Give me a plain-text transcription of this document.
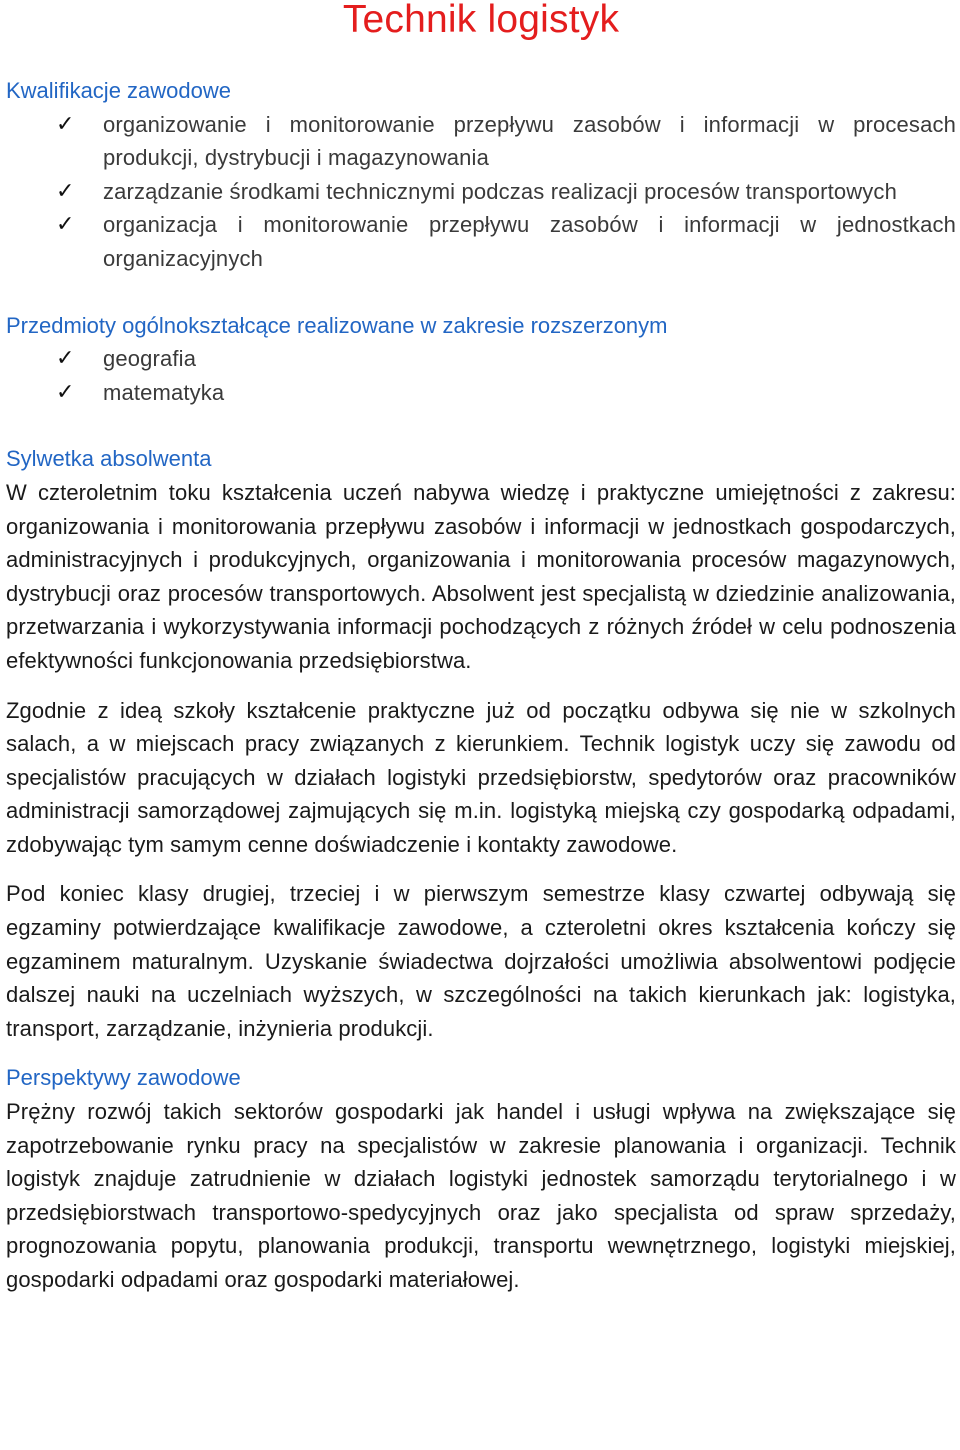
Technik logistyk
Kwalifikacje zawodowe
✓	organizowanie i monitorowanie przepływu zasobów i informacji w procesach produkcji, dystrybucji i magazynowania
✓	zarządzanie środkami technicznymi podczas realizacji procesów transportowych
✓	organizacja i monitorowanie przepływu zasobów i informacji w jednostkach organizacyjnych
Przedmioty ogólnokształcące realizowane w zakresie rozszerzonym
✓	geografia
✓	matematyka
Sylwetka absolwenta

W czteroletnim toku kształcenia uczeń nabywa wiedzę i praktyczne umiejętności z zakresu: organizowania i monitorowania przepływu zasobów i informacji w jednostkach gospodarczych, administracyjnych i produkcyjnych, organizowania i monitorowania procesów magazynowych, dystrybucji oraz procesów transportowych. Absolwent jest specjalistą w dziedzinie analizowania, przetwarzania i wykorzystywania informacji pochodzących z różnych źródeł w celu podnoszenia efektywności funkcjonowania przedsiębiorstwa.

Zgodnie z ideą szkoły kształcenie praktyczne już od początku odbywa się nie w szkolnych salach, a w miejscach pracy związanych z kierunkiem. Technik logistyk uczy się zawodu od specjalistów pracujących w działach logistyki przedsiębiorstw, spedytorów oraz pracowników administracji samorządowej zajmujących się m.in. logistyką miejską czy gospodarką odpadami, zdobywając tym samym cenne doświadczenie i kontakty zawodowe.

Pod koniec klasy drugiej, trzeciej i w pierwszym semestrze klasy czwartej odbywają się egzaminy potwierdzające kwalifikacje zawodowe, a czteroletni okres kształcenia kończy się egzaminem maturalnym. Uzyskanie świadectwa dojrzałości umożliwia absolwentowi podjęcie dalszej nauki na uczelniach wyższych, w szczególności na takich kierunkach jak: logistyka, transport, zarządzanie, inżynieria produkcji.

Perspektywy zawodowe

Prężny rozwój takich sektorów gospodarki jak handel i usługi wpływa na zwiększające się zapotrzebowanie rynku pracy na specjalistów w zakresie planowania i organizacji. Technik logistyk znajduje zatrudnienie w działach logistyki jednostek samorządu terytorialnego i w przedsiębiorstwach transportowo-spedycyjnych oraz jako specjalista od spraw sprzedaży, prognozowania popytu, planowania produkcji, transportu wewnętrznego, logistyki miejskiej, gospodarki odpadami oraz gospodarki materiałowej.
